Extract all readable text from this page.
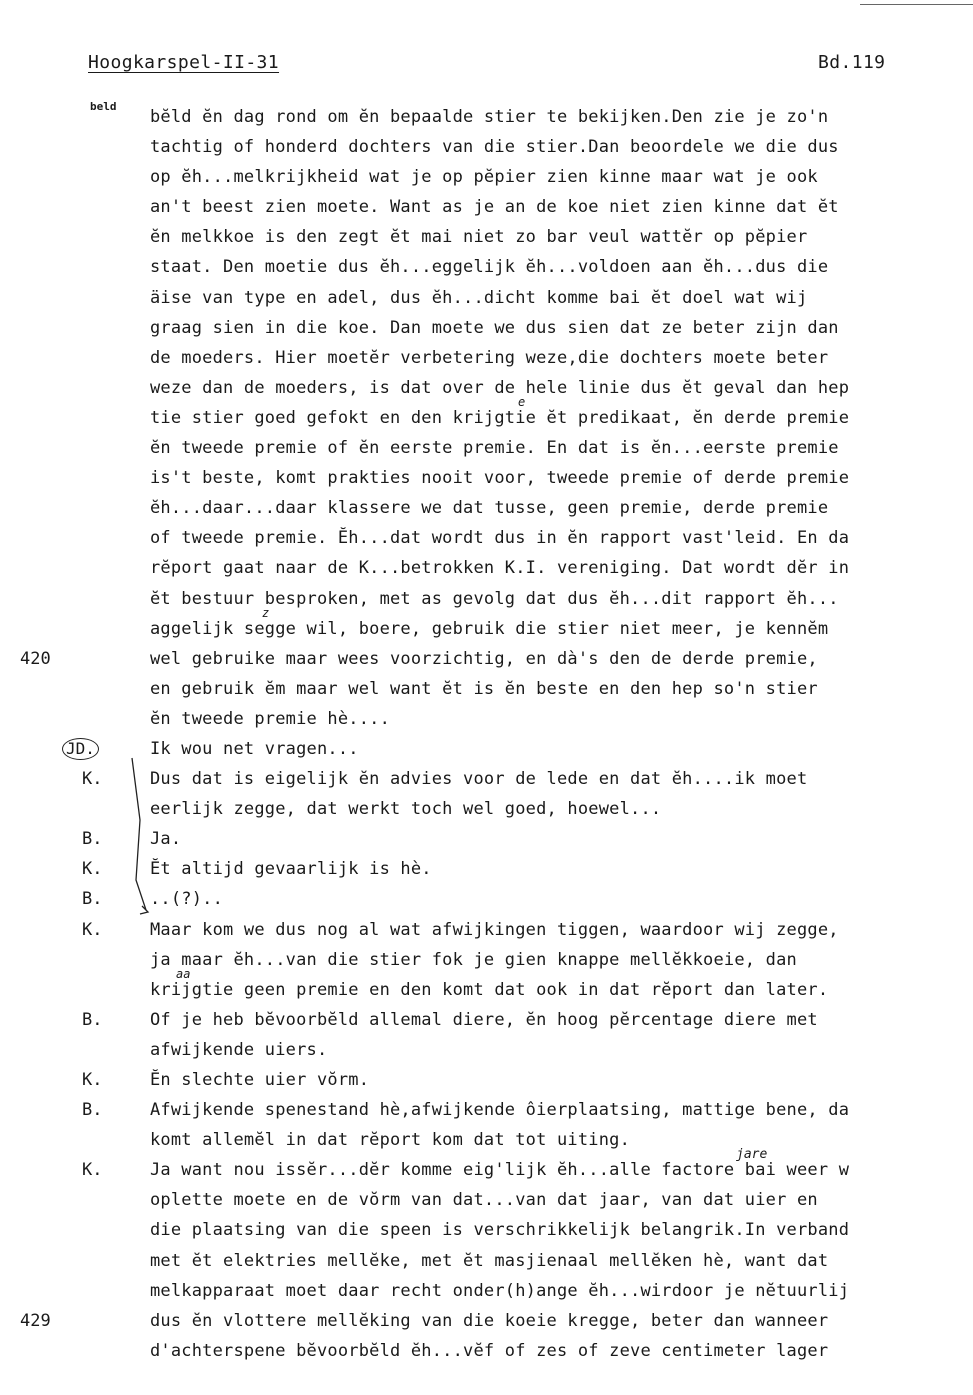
Hoogkarspel-II-31	Bd.119
beld
e
z
aa
jare
bĕld ĕn dag rond om ĕn bepaalde stier te bekijken.Den zie je zo'n
tachtig of honderd dochters van die stier.Dan beoordele we die dus
op ĕh...melkrijkheid wat je op pĕpier zien kinne maar wat je ook
an't beest zien moete. Want as je an de koe niet zien kinne dat ĕt
ĕn melkkoe is den zegt ĕt mai niet zo bar veul wattĕr op pĕpier
staat. Den moetie dus ĕh...eggelijk ĕh...voldoen aan ĕh...dus die
äise van type en adel, dus ĕh...dicht komme bai ĕt doel wat wij
graag sien in die koe. Dan moete we dus sien dat ze beter zijn dan
de moeders. Hier moetĕr verbetering weze,die dochters moete beter
weze dan de moeders, is dat over de hele linie dus ĕt geval dan hep
tie stier goed gefokt en den krijgtie ĕt predikaat, ĕn derde premie
ĕn tweede premie of ĕn eerste premie. En dat is ĕn...eerste premie
is't beste, komt prakties nooit voor, tweede premie of derde premie
ĕh...daar...daar klassere we dat tusse, geen premie, derde premie
of tweede premie. Ĕh...dat wordt dus in ĕn rapport vast'leid. En da
rĕport gaat naar de K...betrokken K.I. vereniging. Dat wordt dĕr in
ĕt bestuur besproken, met as gevolg dat dus ĕh...dit rapport ĕh...
aggelijk segge wil, boere, gebruik die stier niet meer, je kennĕm
420	wel gebruike maar wees voorzichtig, en dà's den de derde premie,
en gebruik ĕm maar wel want ĕt is ĕn beste en den hep so'n stier
ĕn tweede premie hè....
JD.	Ik wou net vragen...
K.	Dus dat is eigelijk ĕn advies voor de lede en dat ĕh....ik moet
eerlijk zegge, dat werkt toch wel goed, hoewel...
B.	Ja.
K.	Ĕt altijd gevaarlijk is hè.
B.	..(?)..
K.	Maar kom we dus nog al wat afwijkingen tiggen, waardoor wij zegge,
ja maar ĕh...van die stier fok je gien knappe mellĕkkoeie, dan
krijgtie geen premie en den komt dat ook in dat rĕport dan later.
B.	Of je heb bĕvoorbĕld allemal diere, ĕn hoog pĕrcentage diere met
afwijkende uiers.
K.	Ĕn slechte uier vŏrm.
B.	Afwijkende spenestand hè,afwijkende ôierplaatsing, mattige bene, da
komt allemĕl in dat rĕport kom dat tot uiting.
K.	Ja want nou issĕr...dĕr komme eig'lijk ĕh...alle factore bai weer w
oplette moete en de vŏrm van dat...van dat jaar, van dat uier en
die plaatsing van die speen is verschrikkelijk belangrik.In verband
met ĕt elektries mellĕke, met ĕt masjienaal mellĕken hè, want dat
melkapparaat moet daar recht onder(h)ange ĕh...wirdoor je nĕtuurlij
429	dus ĕn vlottere mellĕking van die koeie kregge, beter dan wanneer
d'achterspene bĕvoorbĕld ĕh...vĕf of zes of zeve centimeter lager
